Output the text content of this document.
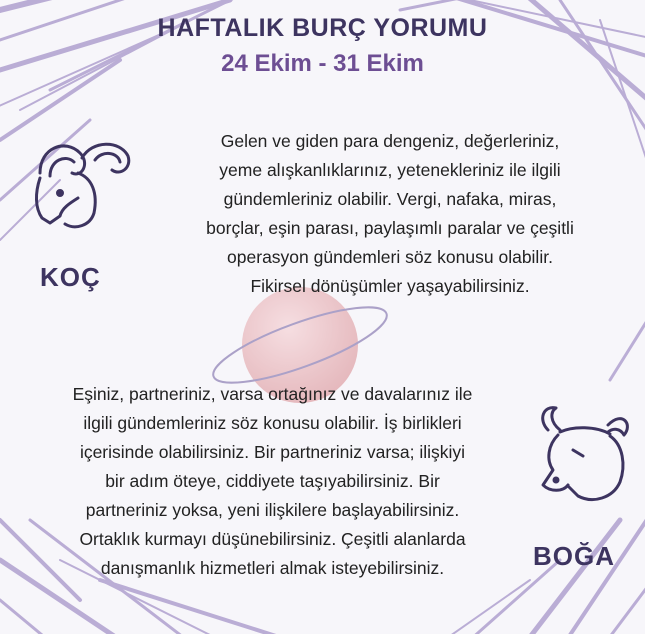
HAFTALIK BURÇ YORUMU
24 Ekim - 31 Ekim
KOÇ
Gelen ve giden para dengeniz, değerleriniz,
yeme alışkanlıklarınız, yetenekleriniz ile ilgili
gündemleriniz olabilir. Vergi, nafaka, miras,
borçlar, eşin parası, paylaşımlı paralar ve çeşitli
operasyon gündemleri söz konusu olabilir.
Fikirsel dönüşümler yaşayabilirsiniz.
Eşiniz, partneriniz, varsa ortağınız ve davalarınız ile
ilgili gündemleriniz söz konusu olabilir. İş birlikleri
içerisinde olabilirsiniz. Bir partneriniz varsa; ilişkiyi
bir adım öteye, ciddiyete taşıyabilirsiniz. Bir
partneriniz yoksa, yeni ilişkilere başlayabilirsiniz.
Ortaklık kurmayı düşünebilirsiniz. Çeşitli alanlarda
danışmanlık hizmetleri almak isteyebilirsiniz.	BOĞA
